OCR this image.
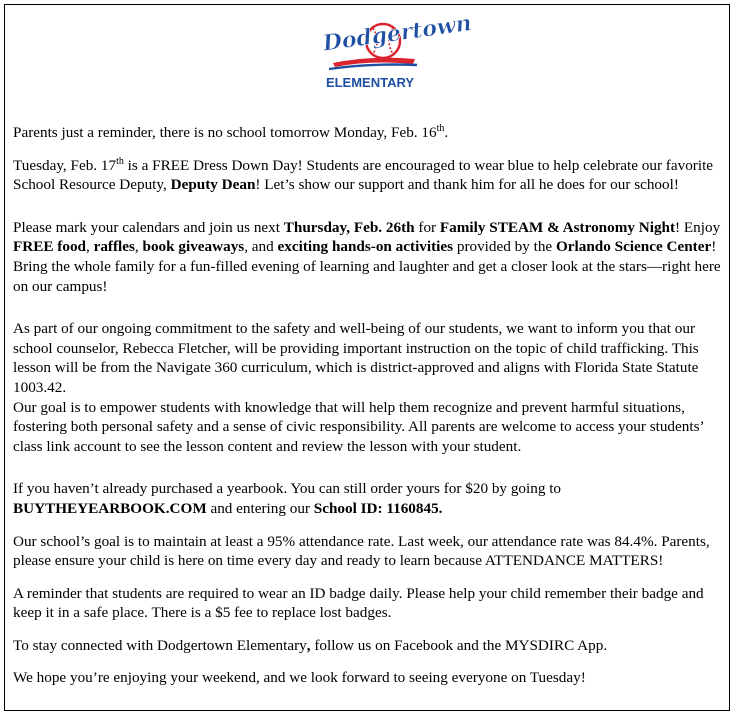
Dodgertown
ELEMENTARY

Parents just a reminder, there is no school tomorrow Monday, Feb. 16th.

Tuesday, Feb. 17th is a FREE Dress Down Day! Students are encouraged to wear blue to help celebrate our favorite School Resource Deputy, Deputy Dean! Let’s show our support and thank him for all he does for our school!

Please mark your calendars and join us next Thursday, Feb. 26th for Family STEAM & Astronomy Night! Enjoy FREE food, raffles, book giveaways, and exciting hands-on activities provided by the Orlando Science Center! Bring the whole family for a fun-filled evening of learning and laughter and get a closer look at the stars—right here on our campus!

As part of our ongoing commitment to the safety and well-being of our students, we want to inform you that our school counselor, Rebecca Fletcher, will be providing important instruction on the topic of child trafficking. This lesson will be from the Navigate 360 curriculum, which is district-approved and aligns with Florida State Statute 1003.42.

Our goal is to empower students with knowledge that will help them recognize and prevent harmful situations, fostering both personal safety and a sense of civic responsibility. All parents are welcome to access your students’ class link account to see the lesson content and review the lesson with your student.

If you haven’t already purchased a yearbook. You can still order yours for $20 by going to BUYTHEYEARBOOK.COM and entering our School ID: 1160845.

Our school’s goal is to maintain at least a 95% attendance rate. Last week, our attendance rate was 84.4%. Parents, please ensure your child is here on time every day and ready to learn because ATTENDANCE MATTERS!

A reminder that students are required to wear an ID badge daily. Please help your child remember their badge and keep it in a safe place. There is a $5 fee to replace lost badges.

To stay connected with Dodgertown Elementary, follow us on Facebook and the MYSDIRC App.

We hope you’re enjoying your weekend, and we look forward to seeing everyone on Tuesday!
